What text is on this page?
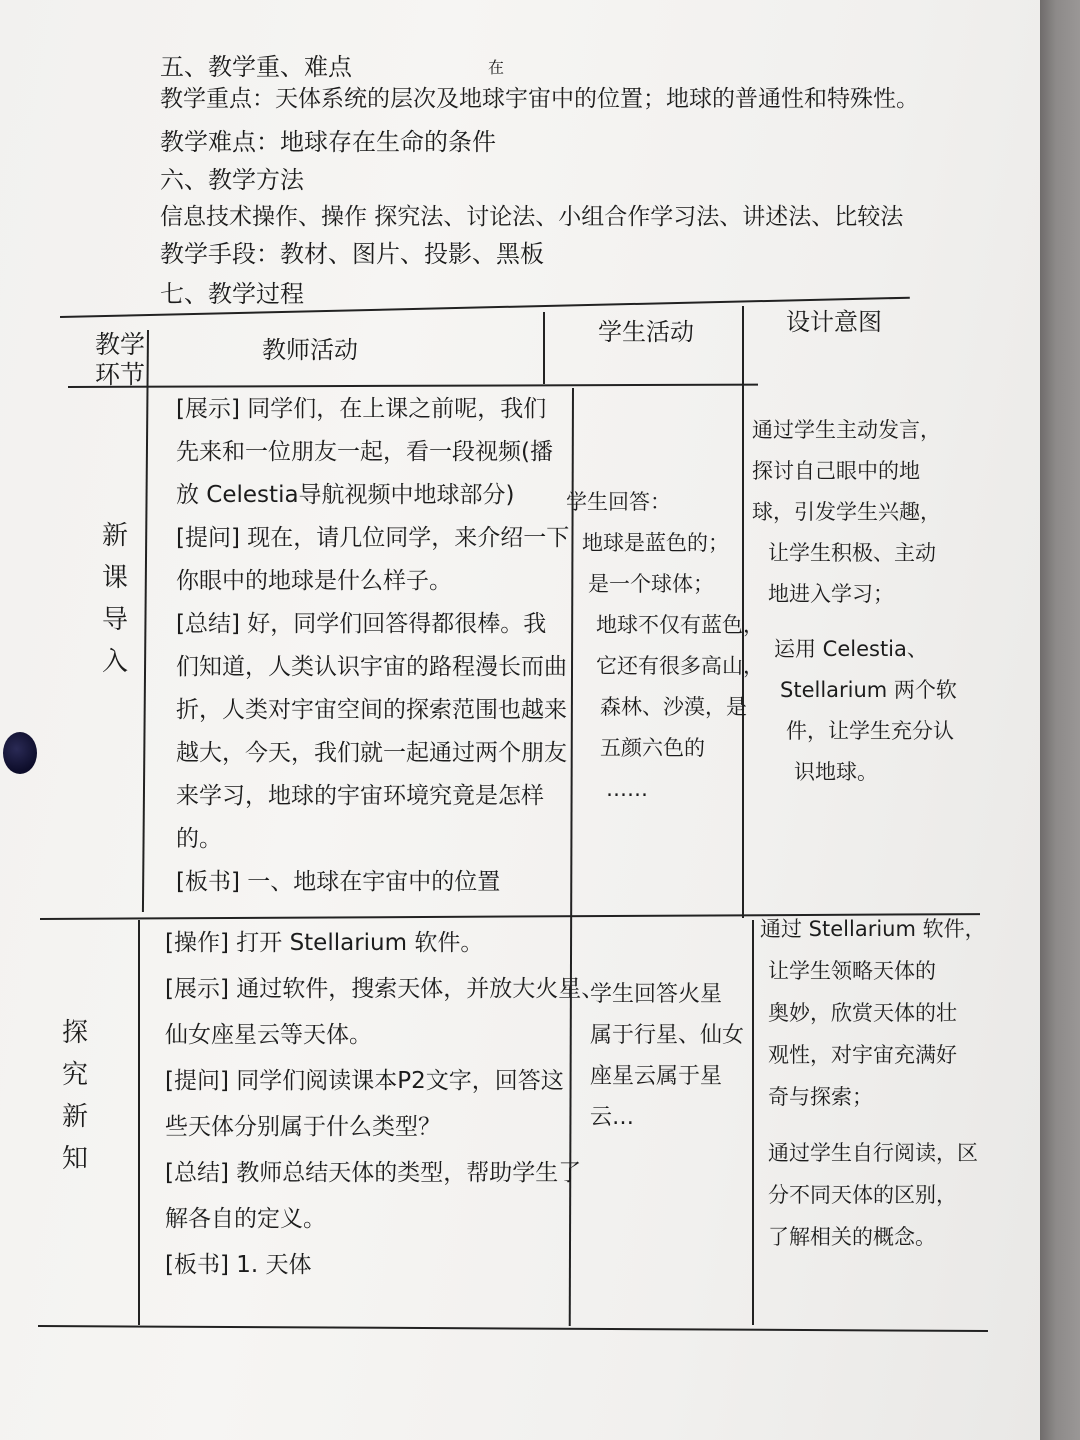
五、教学重、难点	在
教学重点：天体系统的层次及地球宇宙中的位置；地球的普通性和特殊性。
教学难点：地球存在生命的条件
六、教学方法
信息技术操作、操作 探究法、讨论法、小组合作学习法、讲述法、比较法
教学手段：教材、图片、投影、黑板
七、教学过程
教学环节
教师活动
学生活动	设计意图
新课导入
[展示] 同学们，在上课之前呢，我们
先来和一位朋友一起，看一段视频(播
放 Celestia导航视频中地球部分)
[提问] 现在，请几位同学，来介绍一下
你眼中的地球是什么样子。
[总结] 好，同学们回答得都很棒。我
们知道，人类认识宇宙的路程漫长而曲
折，人类对宇宙空间的探索范围也越来
越大，今天，我们就一起通过两个朋友
来学习，地球的宇宙环境究竟是怎样
的。
[板书] 一、地球在宇宙中的位置
学生回答：
地球是蓝色的；
是一个球体；
地球不仅有蓝色，
它还有很多高山，
森林、沙漠，是
五颜六色的
……
通过学生主动发言，
探讨自己眼中的地
球，引发学生兴趣，
让学生积极、主动
地进入学习；
运用 Celestia、
Stellarium 两个软
件，让学生充分认
识地球。
探究新知
[操作] 打开 Stellarium 软件。
[展示] 通过软件，搜索天体，并放大火星、
仙女座星云等天体。
[提问] 同学们阅读课本P2文字，回答这
些天体分别属于什么类型？
[总结] 教师总结天体的类型，帮助学生了
解各自的定义。
[板书] 1. 天体
学生回答火星
属于行星、仙女
座星云属于星
云…
通过 Stellarium 软件，
让学生领略天体的
奥妙，欣赏天体的壮
观性，对宇宙充满好
奇与探索；
通过学生自行阅读，区
分不同天体的区别，
了解相关的概念。
